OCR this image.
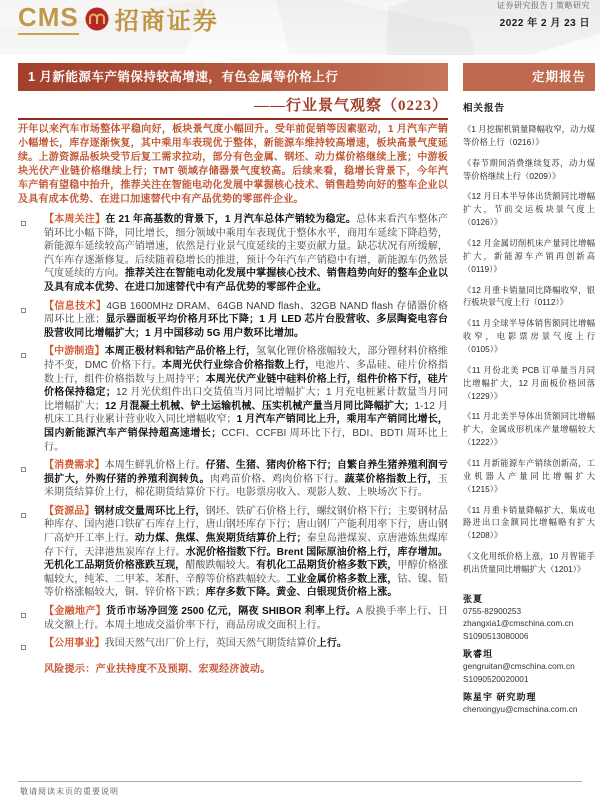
CMS 招商证券
证券研究报告 | 策略研究
2022 年 2 月 23 日
1 月新能源车产销保持较高增速，有色金属等价格上行	定期报告
——行业景气观察（0223）

开年以来汽车市场整体平稳向好，板块景气度小幅回升。受年前促销等因素驱动，1 月汽车产销小幅增长，库存逐渐恢复，其中乘用车表现优于整体，新能源车维持较高增速，板块高景气度延续。上游资源品板块受节后复工需求拉动，部分有色金属、钢坯、动力煤价格继续上涨；中游板块光伏产业链价格继续上行；TMT 领域存储器景气度较高。后续来看，稳增长背景下，今年汽车产销有望稳中抬升，推荐关注在智能电动化发展中掌握核心技术、销售趋势向好的整车企业以及具有成本优势、在进口加速替代中有产品优势的零部件企业。

【本周关注】在 21 年高基数的背景下，1 月汽车总体产销较为稳定。总体来看汽车整体产销环比小幅下降，同比增长，细分领域中乘用车表现优于整体水平，商用车延续下降趋势，新能源车延续较高产销增速，依然是行业景气度延续的主要贡献力量。缺芯状况有所缓解，汽车库存逐渐修复。后续随着稳增长的推进，预计今年汽车产销稳中有增，新能源车仍然景气度延续的方向。推荐关注在智能电动化发展中掌握核心技术、销售趋势向好的整车企业以及具有成本优势、在进口加速替代中有产品优势的零部件企业。
【信息技术】4GB 1600MHz DRAM、64GB NAND flash、32GB NAND flash 存储器价格周环比上涨；显示器面板平均价格月环比下降；1 月 LED 芯片台股营收、多层陶瓷电容台股营收同比增幅扩大；1 月中国移动 5G 用户数环比增加。
【中游制造】本周正极材料和钴产品价格上行，氢氧化锂价格涨幅较大，部分锂材料价格维持不变，DMC 价格下行。本周光伏行业综合价格指数上行，电池片、多晶硅、硅片价格指数上行，组件价格指数与上周持平；本周光伏产业链中硅料价格上行，组件价格下行，硅片价格保持稳定；12 月光伏组件出口交货值当月同比增幅扩大；1 月充电桩累计数量当月同比增幅扩大；12 月混凝土机械、铲土运输机械、压实机械产量当月同比降幅扩大；1-12 月机床工具行业累计营业收入同比增幅收窄；1 月汽车产销同比上升，乘用车产销同比增长，国内新能源汽车产销保持超高速增长；CCFI、CCFBI 周环比下行，BDI、BDTI 周环比上行。
【消费需求】本周生鲜乳价格上行。仔猪、生猪、猪肉价格下行；自繁自养生猪养殖利润亏损扩大，外购仔猪的养殖利润转负。肉鸡苗价格、鸡肉价格下行。蔬菜价格指数上行，玉米期货结算价上行，棉花期货结算价下行。电影票房收入、观影人数、上映场次下行。
【资源品】钢材成交量周环比上行，钢坯、铁矿石价格上行，螺纹钢价格下行；主要钢材品种库存、国内港口铁矿石库存上行，唐山钢坯库存下行；唐山钢厂产能利用率下行，唐山钢厂高炉开工率上行。动力煤、焦煤、焦炭期货结算价上行；秦皇岛港煤炭、京唐港炼焦煤库存下行，天津港焦炭库存上行。水泥价格指数下行。Brent 国际原油价格上行，库存增加。无机化工品期货价格涨跌互现，醋酸跌幅较大。有机化工品期货价格多数下跌，甲醇价格涨幅较大，纯苯、二甲苯、苯酐、辛醇等价格跌幅较大。工业金属价格多数上涨，钴、镍、铅等价格涨幅较大，铜、锌价格下跌；库存多数下降。黄金、白银现货价格上涨。
【金融地产】货币市场净回笼 2500 亿元，隔夜 SHIBOR 利率上行。A 股换手率上行、日成交额上行。本周土地成交溢价率下行，商品房成交面积上行。
【公用事业】我国天然气出厂价上行，英国天然气期货结算价上行。
风险提示：产业扶持度不及预期、宏观经济波动。
相关报告
《1 月挖掘机销量降幅收窄，动力煤等价格上行（0216）》
《春节期间消费继续复苏，动力煤等价格继续上行（0209）》
《12 月日本半导体出货额同比增幅扩大，节前交运板块景气度上（0126）》
《12 月金属切削机床产量同比增幅扩大，新能源车产销再创新高（0119）》
《12 月重卡销量同比降幅收窄，银行板块景气度上行（0112）》
《11 月全球半导体销售额同比增幅收窄，电影票房景气度上行（0105）》
《11 月份北美 PCB 订单量当月同比增幅扩大，12 月面板价格回落（1229）》
《11 月北美半导体出货额同比增幅扩大，金属成形机床产量增幅较大（1222）》
《11 月新能源车产销续创新高，工业机器人产量同比增幅扩大（1215）》
《11 月重卡销量降幅扩大，集成电路进出口金额同比增幅略有扩大（1208）》
《文化用纸价格上涨，10 月智能手机出货量同比增幅扩大（1201）》
张夏
0755-82900253
zhangxia1@cmschina.com.cn
S1090513080006
耿睿坦
gengruitan@cmschina.com.cn
S1090520020001
陈星宇 研究助理
chenxingyu@cmschina.com.cn
敬请阅读末页的重要说明
